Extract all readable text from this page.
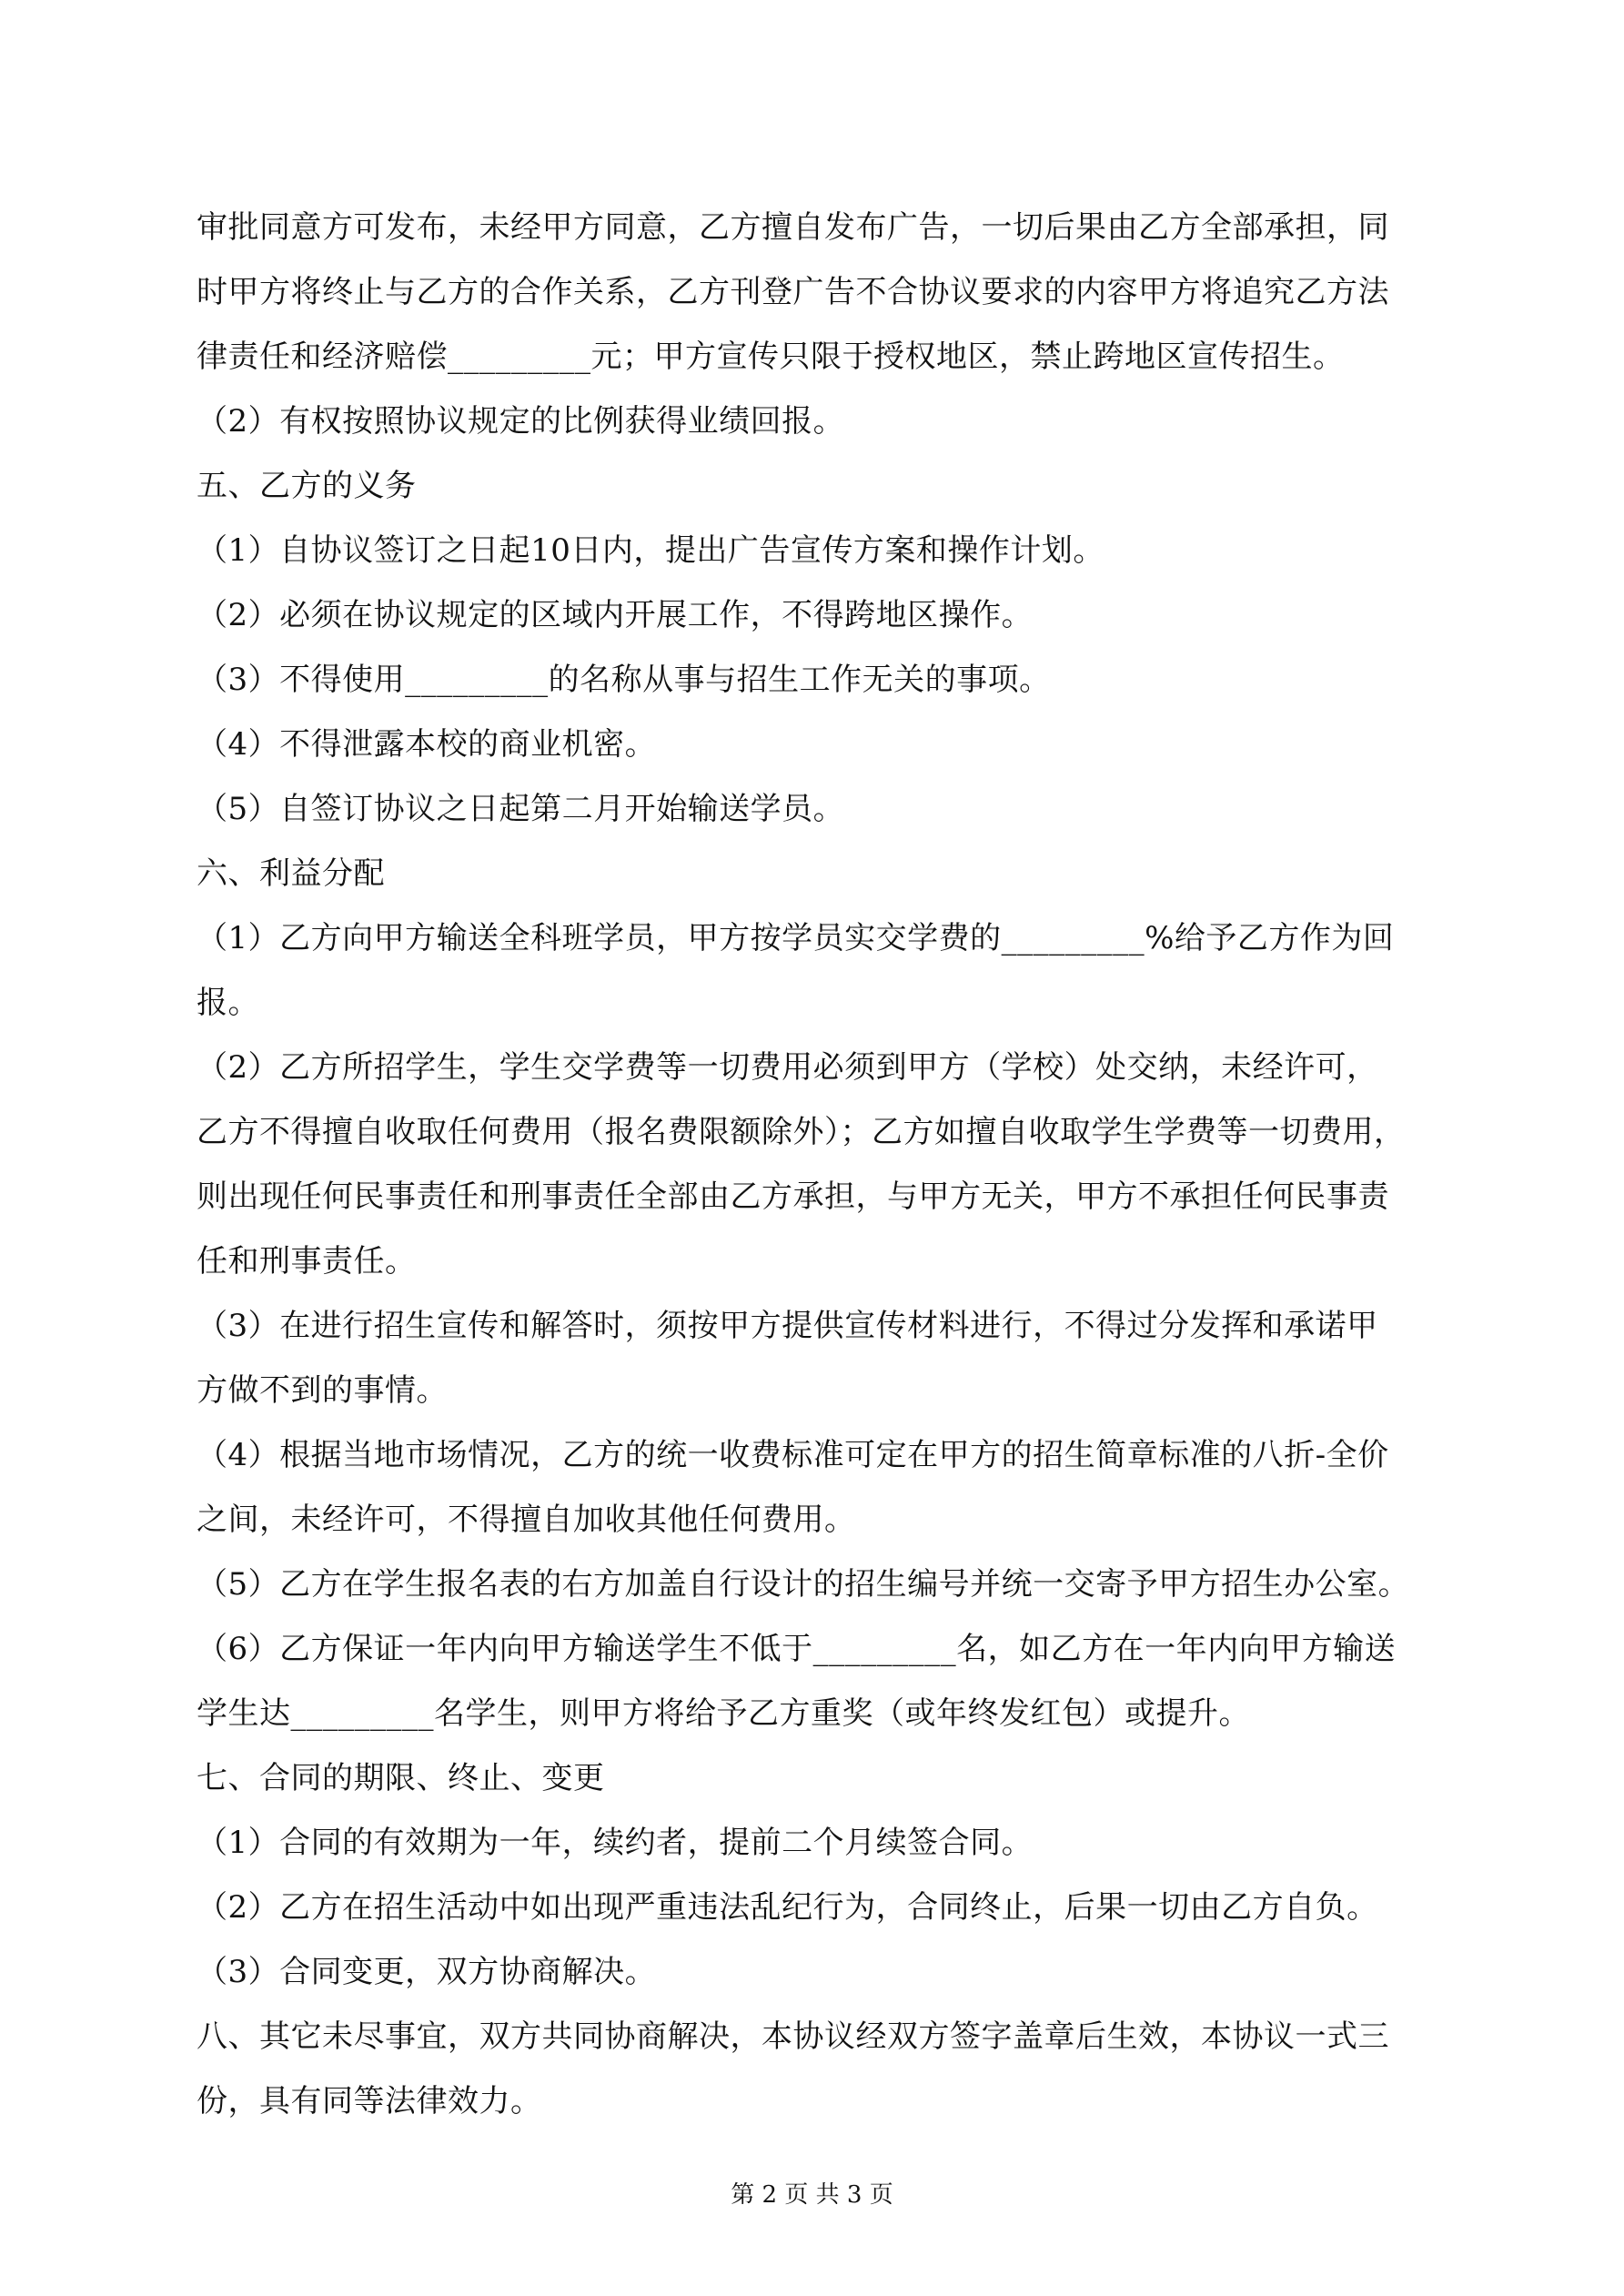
审批同意方可发布，未经甲方同意，乙方擅自发布广告，一切后果由乙方全部承担，同
时甲方将终止与乙方的合作关系，乙方刊登广告不合协议要求的内容甲方将追究乙方法
律责任和经济赔偿_________元；甲方宣传只限于授权地区，禁止跨地区宣传招生。
（2）有权按照协议规定的比例获得业绩回报。
五、乙方的义务
（1）自协议签订之日起10日内，提出广告宣传方案和操作计划。
（2）必须在协议规定的区域内开展工作，不得跨地区操作。
（3）不得使用_________的名称从事与招生工作无关的事项。
（4）不得泄露本校的商业机密。
（5）自签订协议之日起第二月开始输送学员。
六、利益分配
（1）乙方向甲方输送全科班学员，甲方按学员实交学费的_________%给予乙方作为回
报。
（2）乙方所招学生，学生交学费等一切费用必须到甲方（学校）处交纳，未经许可，
乙方不得擅自收取任何费用（报名费限额除外）；乙方如擅自收取学生学费等一切费用，
则出现任何民事责任和刑事责任全部由乙方承担，与甲方无关，甲方不承担任何民事责
任和刑事责任。
（3）在进行招生宣传和解答时，须按甲方提供宣传材料进行，不得过分发挥和承诺甲
方做不到的事情。
（4）根据当地市场情况，乙方的统一收费标准可定在甲方的招生简章标准的八折-全价
之间，未经许可，不得擅自加收其他任何费用。
（5）乙方在学生报名表的右方加盖自行设计的招生编号并统一交寄予甲方招生办公室。
（6）乙方保证一年内向甲方输送学生不低于_________名，如乙方在一年内向甲方输送
学生达_________名学生，则甲方将给予乙方重奖（或年终发红包）或提升。
七、合同的期限、终止、变更
（1）合同的有效期为一年，续约者，提前二个月续签合同。
（2）乙方在招生活动中如出现严重违法乱纪行为，合同终止，后果一切由乙方自负。
（3）合同变更，双方协商解决。
八、其它未尽事宜，双方共同协商解决，本协议经双方签字盖章后生效，本协议一式三
份，具有同等法律效力。
第 2 页 共 3 页
